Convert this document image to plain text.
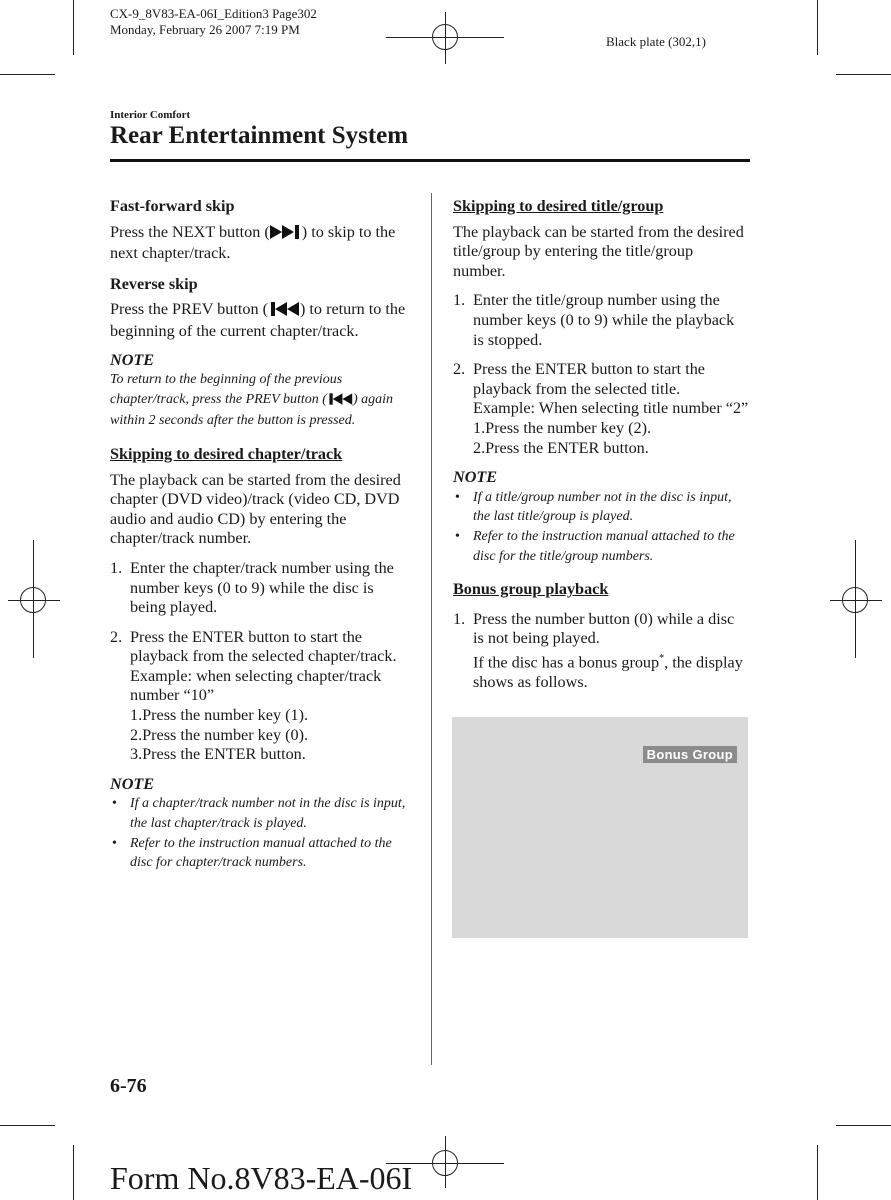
CX-9_8V83-EA-06I_Edition3 Page302
Monday, February 26 2007 7:19 PM
Black plate (302,1)
Interior Comfort
Rear Entertainment System

Fast-forward skip

Press the NEXT button ( ) to skip to the next chapter/track.

Reverse skip

Press the PREV button ( ) to return to the beginning of the current chapter/track.

NOTE

To return to the beginning of the previous chapter/track, press the PREV button ( ) again within 2 seconds after the button is pressed.

Skipping to desired chapter/track

The playback can be started from the desired chapter (DVD video)/track (video CD, DVD audio and audio CD) by entering the chapter/track number.

1. Enter the chapter/track number using the number keys (0 to 9) while the disc is being played.
2. Press the ENTER button to start the playback from the selected chapter/track.
Example: when selecting chapter/track number “10”
1.Press the number key (1).
2.Press the number key (0).
3.Press the ENTER button.

NOTE

• If a chapter/track number not in the disc is input, the last chapter/track is played.
• Refer to the instruction manual attached to the disc for chapter/track numbers.

Skipping to desired title/group

The playback can be started from the desired title/group by entering the title/group number.

1. Enter the title/group number using the number keys (0 to 9) while the playback is stopped.
2. Press the ENTER button to start the playback from the selected title.
Example: When selecting title number “2”
1.Press the number key (2).
2.Press the ENTER button.

NOTE

• If a title/group number not in the disc is input, the last title/group is played.
• Refer to the instruction manual attached to the disc for the title/group numbers.

Bonus group playback

1. Press the number button (0) while a disc is not being played.
If the disc has a bonus group*, the display shows as follows.
Bonus Group
6-76
Form No.8V83-EA-06I
